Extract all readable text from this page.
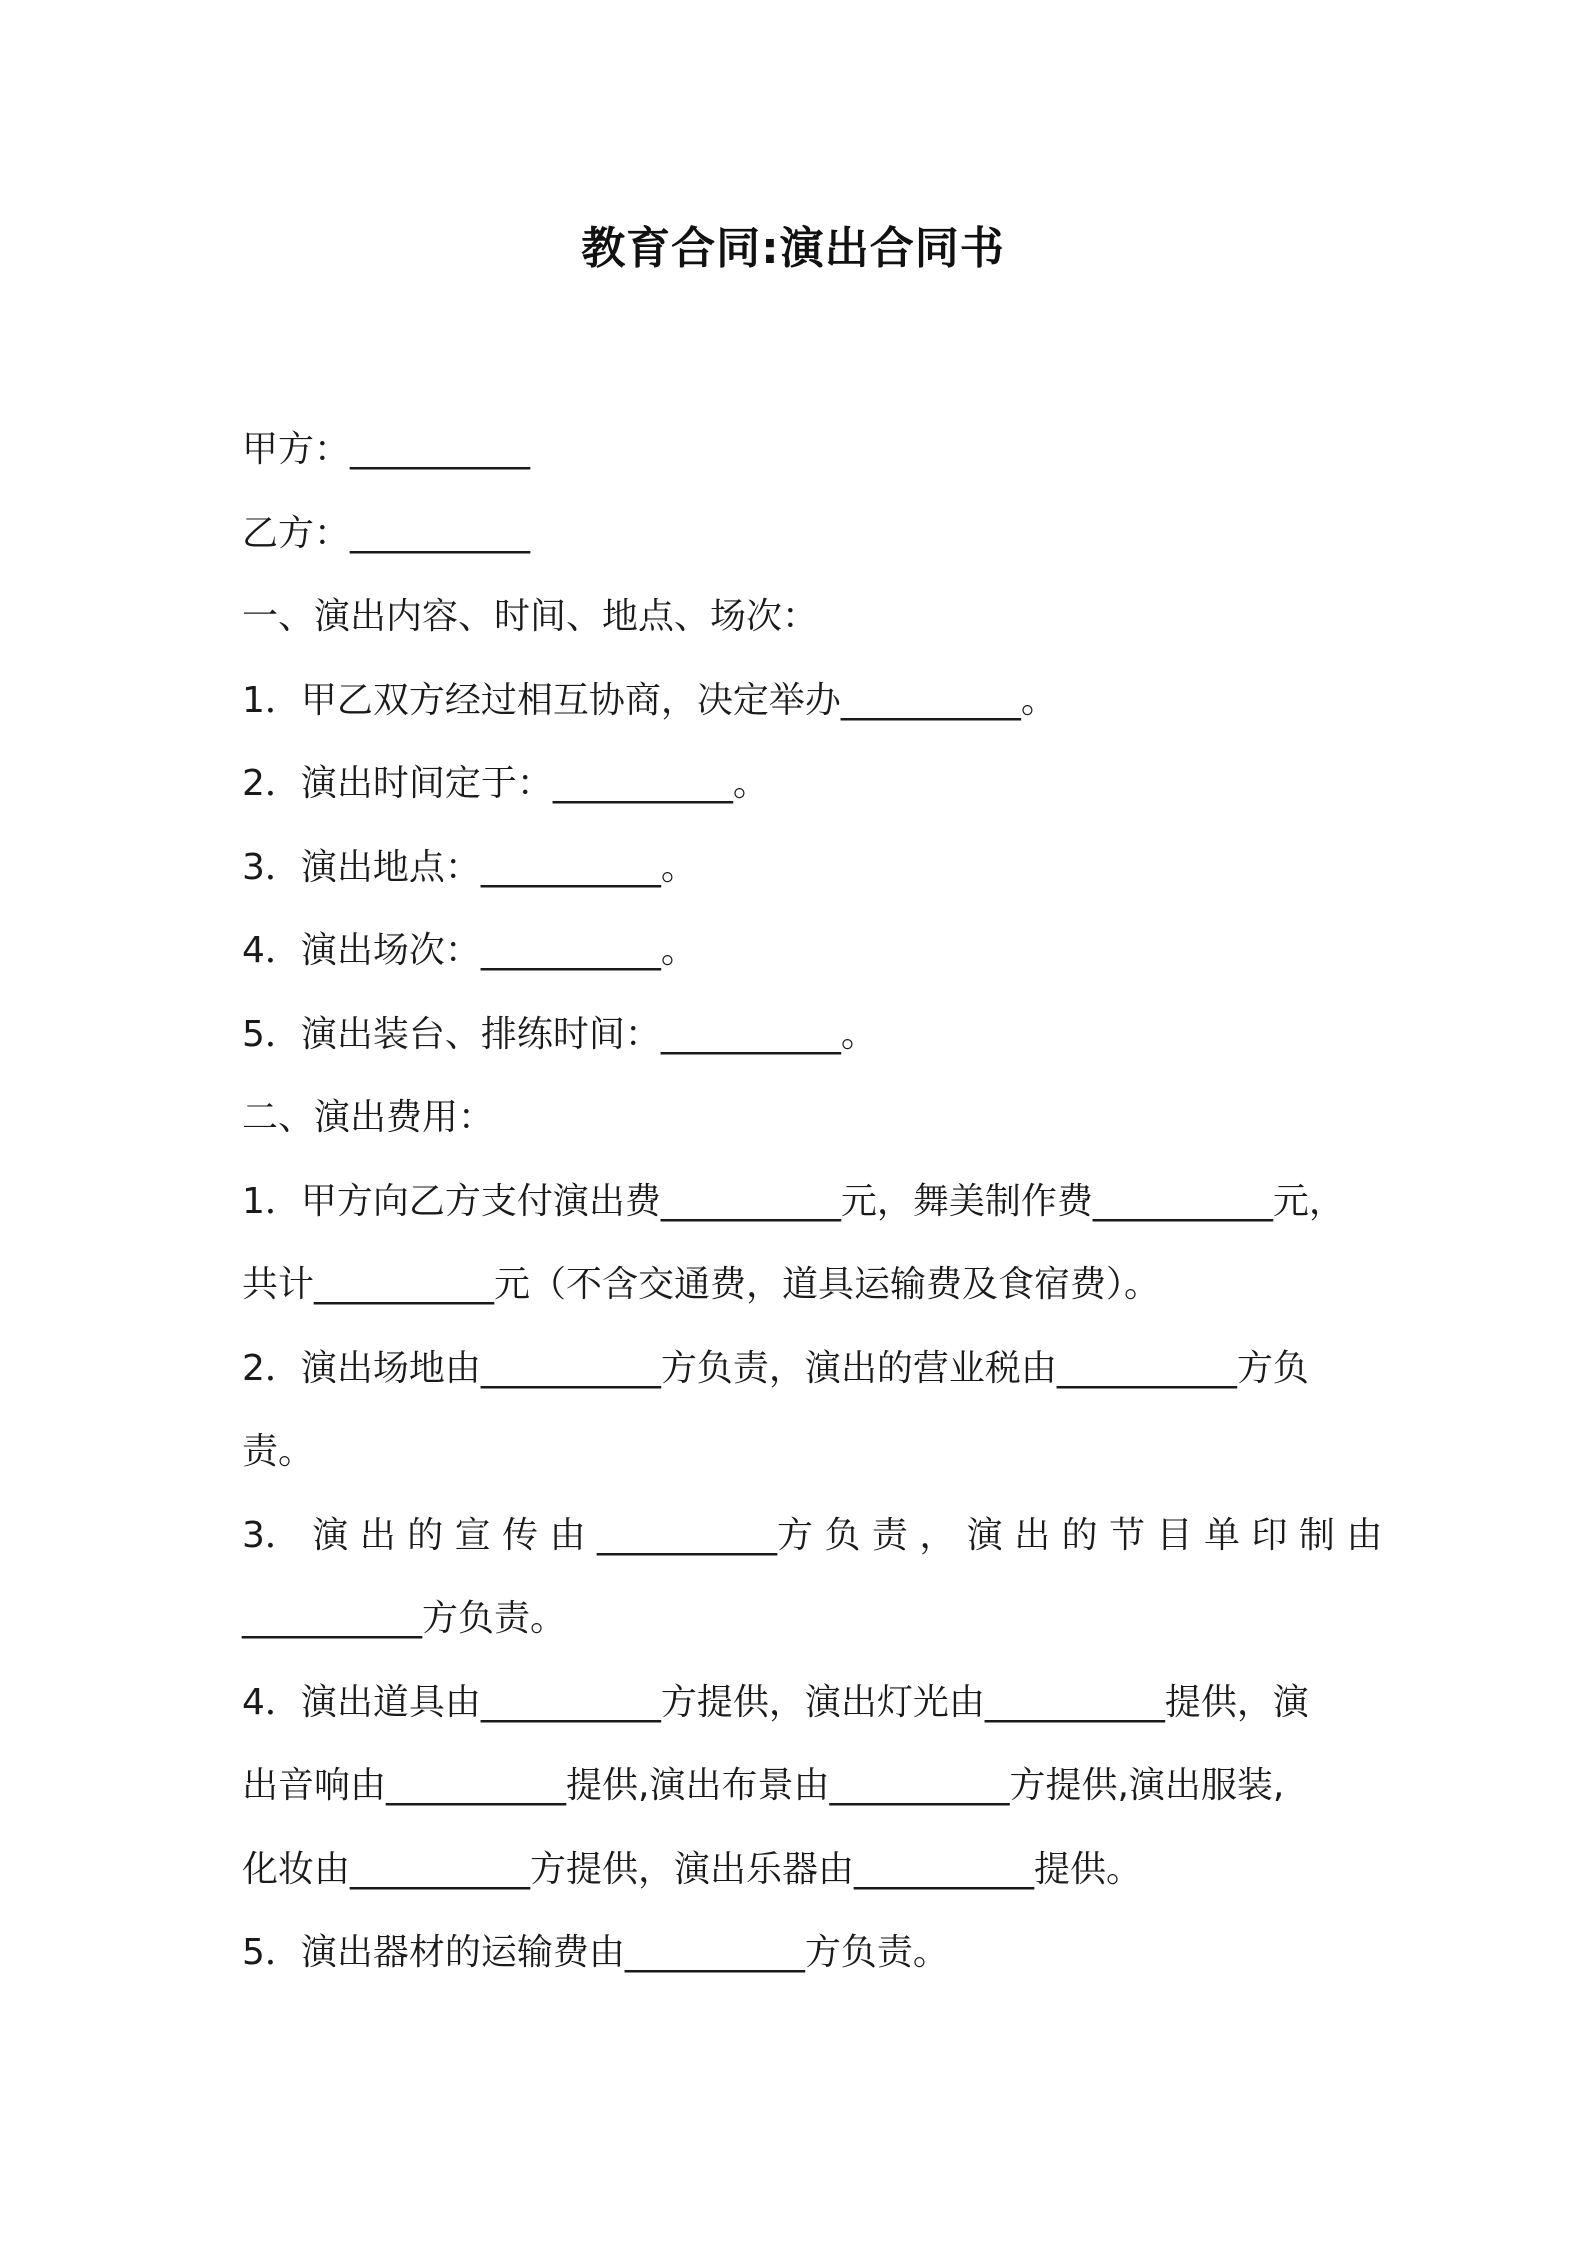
教育合同:演出合同书
甲方：__________
乙方：__________
一、演出内容、时间、地点、场次：
1．甲乙双方经过相互协商，决定举办__________。
2．演出时间定于：__________。
3．演出地点：__________。
4．演出场次：__________。
5．演出装台、排练时间：__________。
二、演出费用：
1．甲方向乙方支付演出费__________元，舞美制作费__________元，
共计__________元（不含交通费，道具运输费及食宿费）。
2．演出场地由__________方负责，演出的营业税由__________方负
责。
3． 演 出 的 宣 传 由 __________方 负 责 ， 演 出 的 节 目 单 印 制 由
__________方负责。
4．演出道具由__________方提供，演出灯光由__________提供，演
出音响由__________提供,演出布景由__________方提供,演出服装,
化妆由__________方提供，演出乐器由__________提供。
5．演出器材的运输费由__________方负责。
